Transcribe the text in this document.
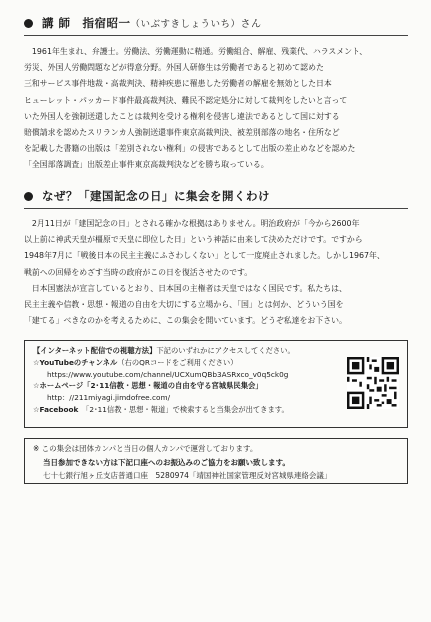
講 師　指宿昭一（いぶすきしょういち）さん

1961年生まれ、弁護士。労働法、労働運動に精通。労働組合、解雇、残業代、ハラスメント、

労災、外国人労働問題などが得意分野。外国人研修生は労働者であると初めて認めた

三和サービス事件地裁・高裁判決、精神疾患に罹患した労働者の解雇を無効とした日本

ヒューレット・パッカード事件最高裁判決、難民不認定処分に対して裁判をしたいと言って

いた外国人を強制送還したことは裁判を受ける権利を侵害し違法であるとして国に対する

賠償請求を認めたスリランカ人強制送還事件東京高裁判決、被差別部落の地名・住所など

を記載した書籍の出版は「差別されない権利」の侵害であるとして出版の差止めなどを認めた

「全国部落調査」出版差止事件東京高裁判決などを勝ち取っている。

なぜ？「建国記念の日」に集会を開くわけ

2月11日が「建国記念の日」とされる確かな根拠はありません。明治政府が「今から2600年

以上前に神武天皇が橿原で天皇に即位した日」という神話に由来して決めただけです。ですから

1948年7月に「戦後日本の民主主義にふさわしくない」として一度廃止されました。しかし1967年、

戦前への回帰をめざす当時の政府がこの日を復活させたのです。

日本国憲法が宣言しているとおり、日本国の主権者は天皇ではなく国民です。私たちは、

民主主義や信教・思想・報道の自由を大切にする立場から、「国」とは何か、どういう国を

「建てる」べきなのかを考えるために、この集会を開いています。どうぞ私達をお下さい。

【インターネット配信での視聴方法】下記のいずれかにアクセスしてください。
☆YouTubeのチャンネル（右のQRコードをご利用ください）
https://www.youtube.com/channel/UCXumQBb3ASRxco_v0q5ck0g
☆ホームページ「2･11信教・思想・報道の自由を守る宮城県民集会」
http：//211miyagi.jimdofree.com/
☆Facebook　 「2･11信教・思想・報道」で検索すると当集会が出てきます。
※ この集会は団体カンパと当日の個人カンパで運営しております。
当日参加できない方は下記口座へのお振込みのご協力をお願い致します。
七十七銀行旭ヶ丘支店普通口座　5280974「靖国神社国家管理反対宮城県連絡会議」
